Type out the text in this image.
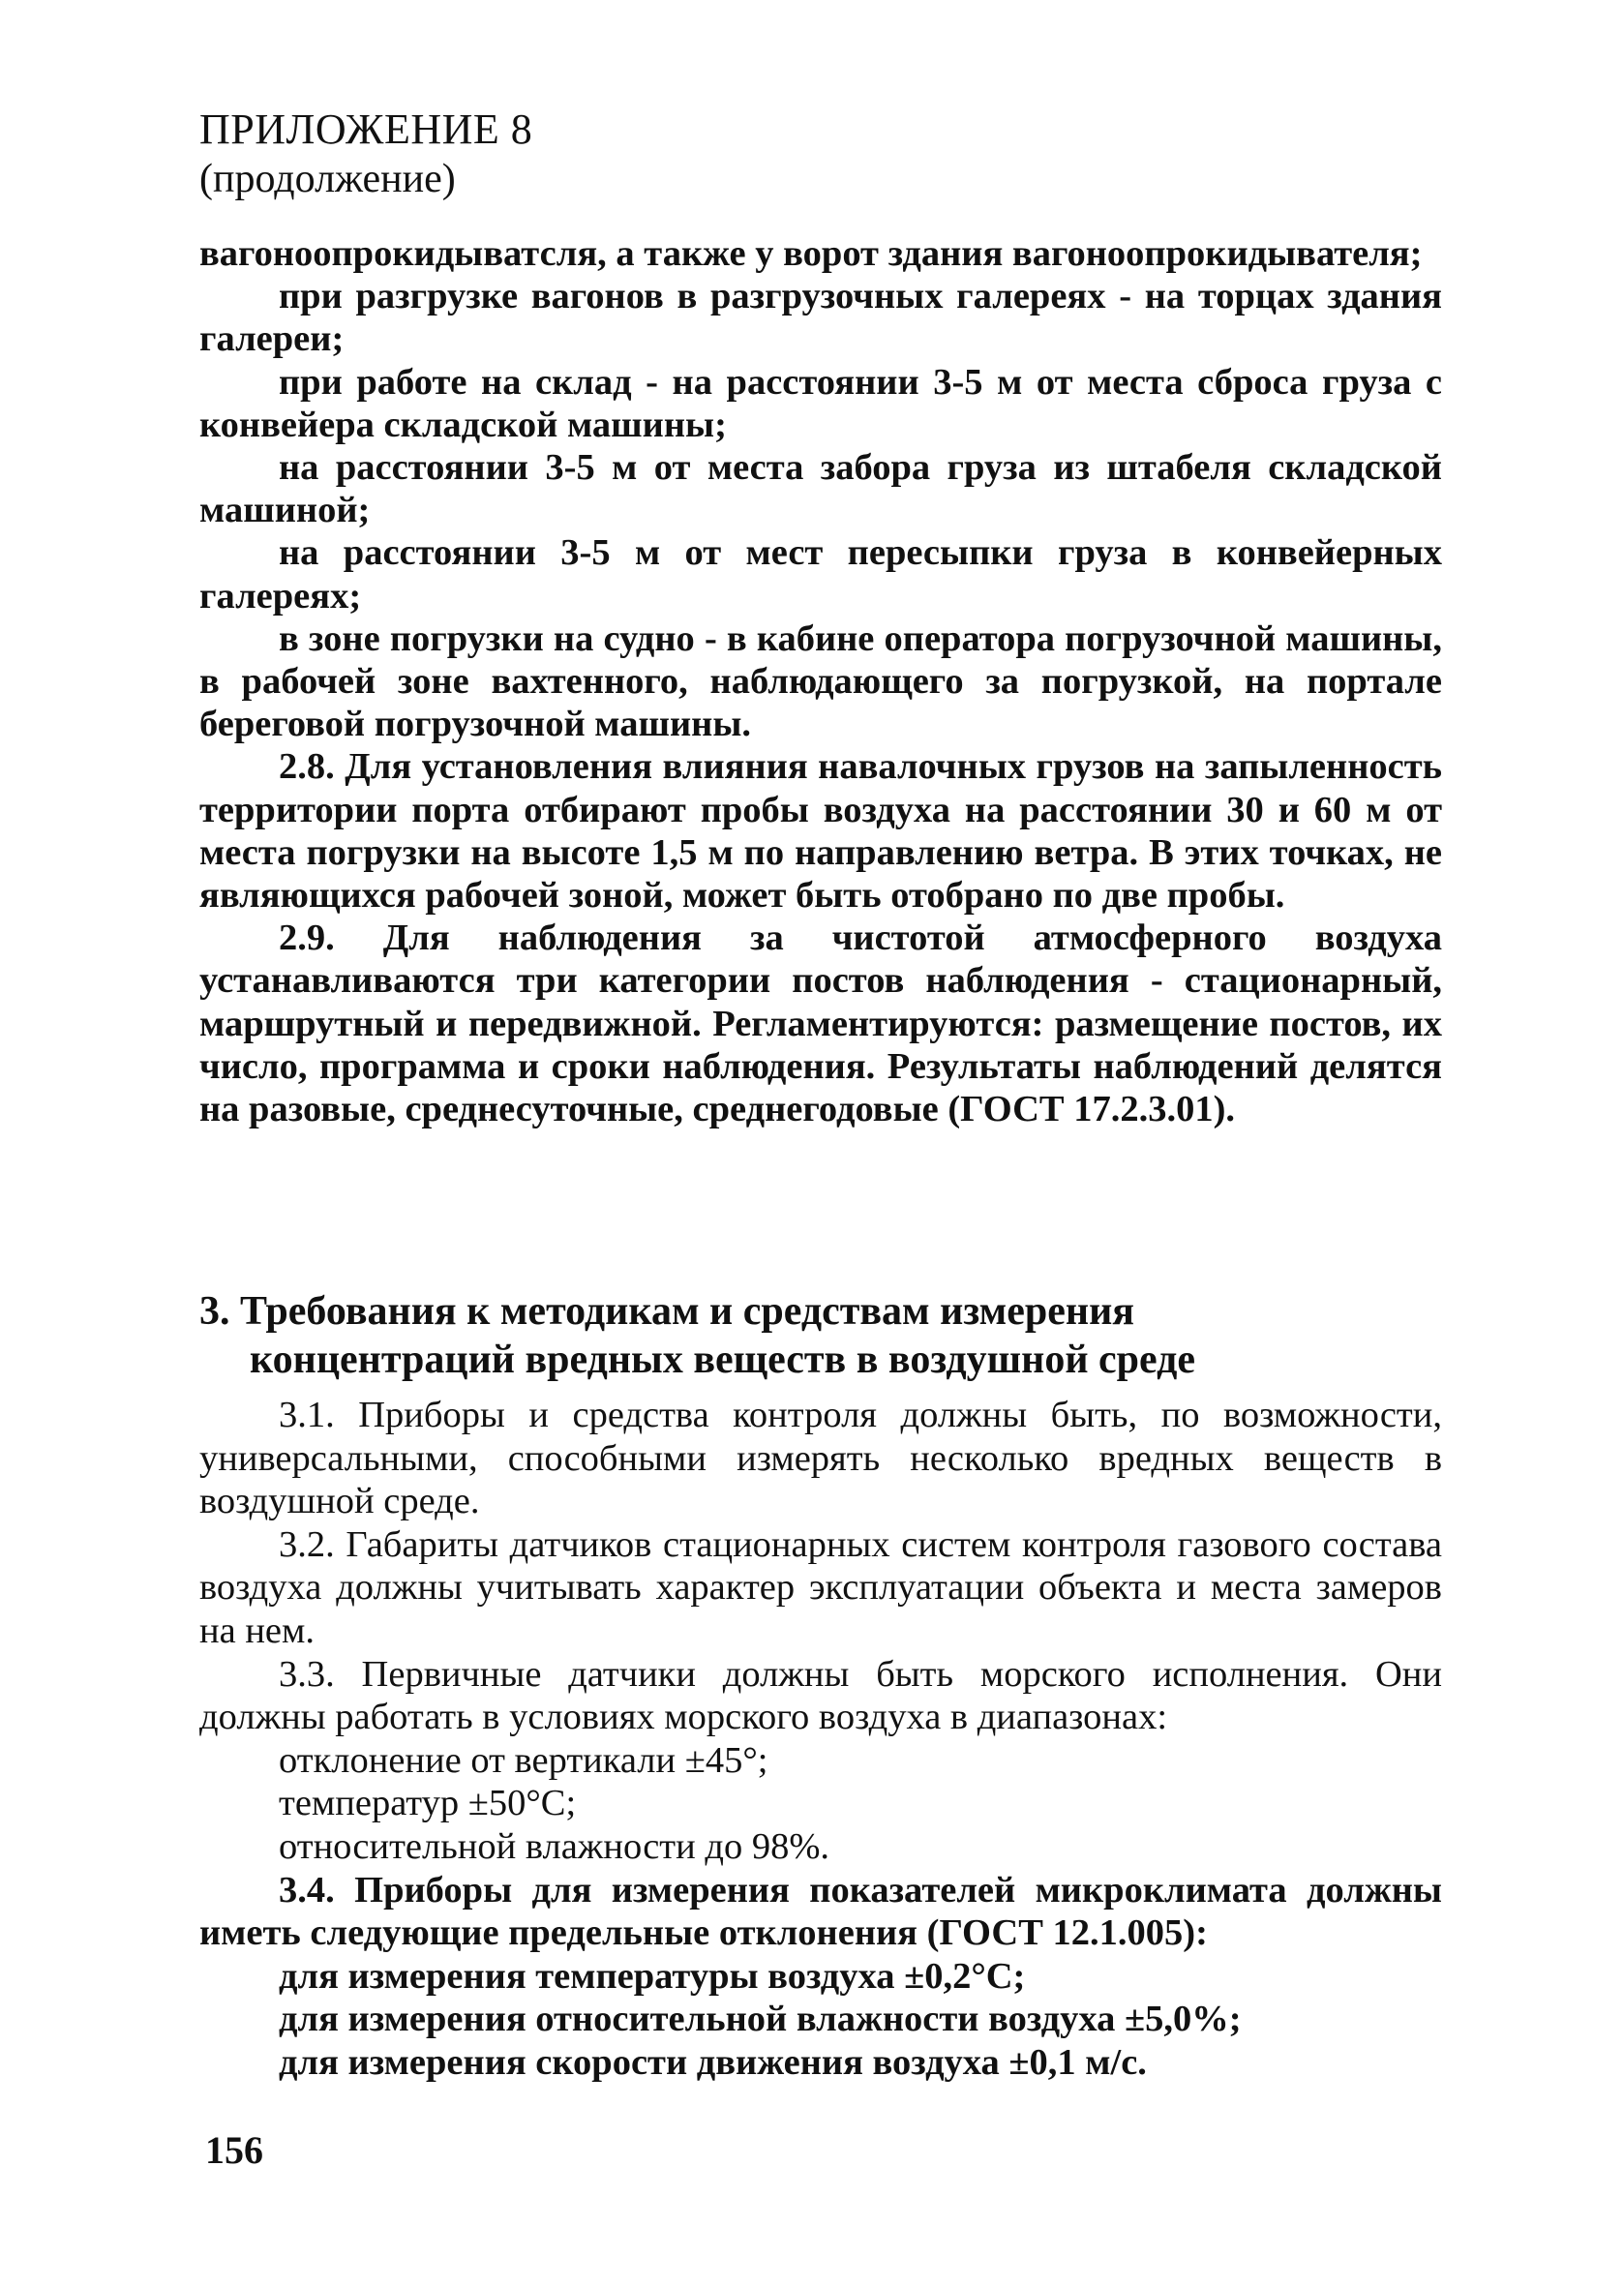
ПРИЛОЖЕНИЕ 8
(продолжение)

вагоноопрокидыватсля, а также у ворот здания вагоноопрокидывателя;

при разгрузке вагонов в разгрузочных галереях - на торцах здания галереи;

при работе на склад - на расстоянии 3-5 м от места сброса груза с конвейера складской машины;

на расстоянии 3-5 м от места забора груза из штабеля складской машиной;

на расстоянии 3-5 м от мест пересыпки груза в конвейерных галереях;

в зоне погрузки на судно - в кабине оператора погрузочной машины, в рабочей зоне вахтенного, наблюдающего за погрузкой, на портале береговой погрузочной машины.

2.8. Для установления влияния навалочных грузов на запыленность территории порта отбирают пробы воздуха на расстоянии 30 и 60 м от места погрузки на высоте 1,5 м по направлению ветра. В этих точках, не являющихся рабочей зоной, может быть отобрано по две пробы.

2.9. Для наблюдения за чистотой атмосферного воздуха устанавливаются три категории постов наблюдения - стационарный, маршрутный и передвижной. Регламентируются: размещение постов, их число, программа и сроки наблюдения. Результаты наблюдений делятся на разовые, среднесуточные, среднегодовые (ГОСТ 17.2.3.01).

3. Требования к методикам и средствам измерения
концентраций вредных веществ в воздушной среде

3.1. Приборы и средства контроля должны быть, по возможности, универсальными, способными измерять несколько вредных веществ в воздушной среде.

3.2. Габариты датчиков стационарных систем контроля газового состава воздуха должны учитывать характер эксплуатации объекта и места замеров на нем.

3.3. Первичные датчики должны быть морского исполнения. Они должны работать в условиях морского воздуха в диапазонах:

отклонение от вертикали ±45°;

температур ±50°С;

относительной влажности до 98%.

3.4. Приборы для измерения показателей микроклимата должны иметь следующие предельные отклонения (ГОСТ 12.1.005):

для измерения температуры воздуха ±0,2°С;

для измерения относительной влажности воздуха ±5,0%;

для измерения скорости движения воздуха ±0,1 м/с.

156
